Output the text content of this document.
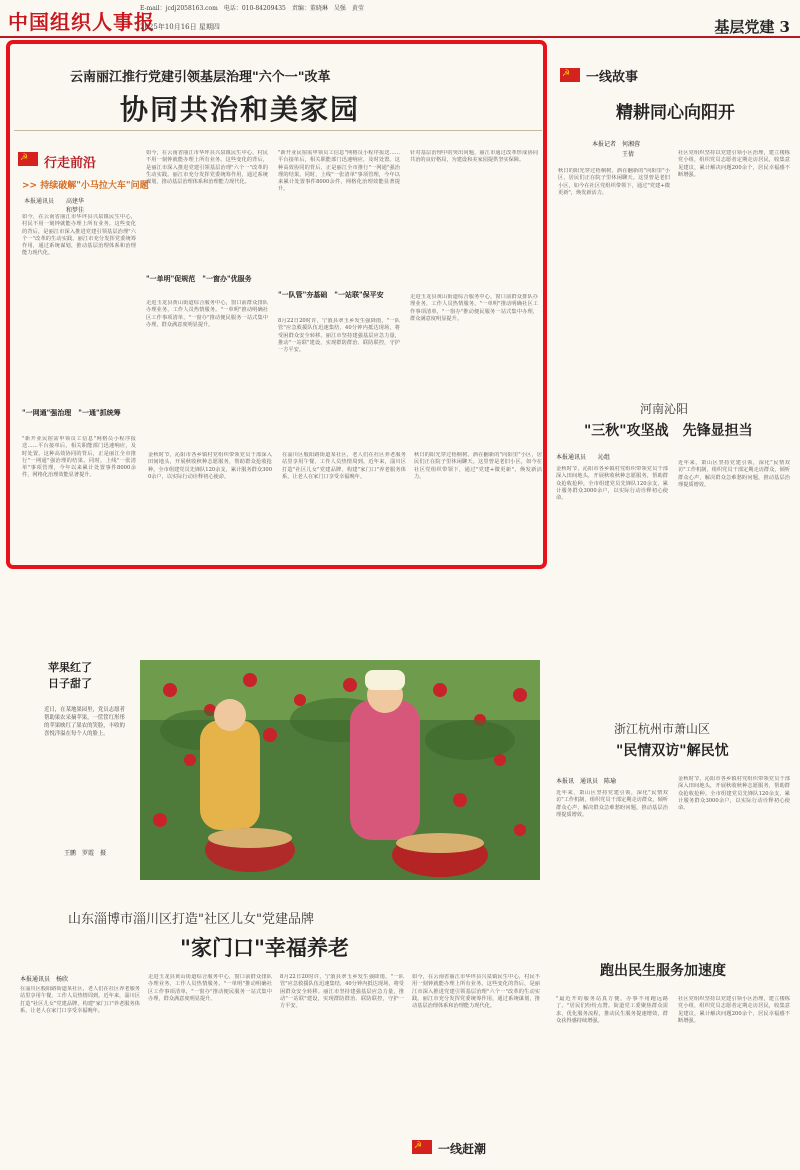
中国组织人事报
E-mail：jcdj2058163.com　电话：010-84209435　责编：董晓琳　吴强　黄莹
2025年10月16日 星期四	基层党建 3
云南丽江推行党建引领基层治理"六个一"改革
协同共治和美家园
☭
行走前沿
>> 持续破解"小马拉大车"问题
本报通讯员　　高建华
　　　　　　　和梦佳
如今，在云南省丽江市华坪县兴泉镇民生中心，村民不用一刻钟就能办理上所有业务。这些变化的背后，是丽江市深入推进党建引领基层治理"六个一"改革的生动实践。丽江市充分发挥党委统筹作用，通过系统谋划，推动基层治理体系和治理能力现代化。
"一网通"强治理　"一通"抓统筹
"新开业民宿需申领员工信息"网格员小程序报送……平台接单后，相关职能部门迅速响应，及时处置。这种高效协同的背后，正是丽江全市推行"一网通"强治理的结果。同时，上线"一张清单"事项管理，今年以来累计处置事件8000余件，网格化治理效能显著提升。
如今，在云南省丽江市华坪县兴泉镇民生中心，村民不用一刻钟就能办理上所有业务。这些变化的背后，是丽江市深入推进党建引领基层治理"六个一"改革的生动实践。丽江市充分发挥党委统筹作用，通过系统谋划，推动基层治理体系和治理能力现代化。
"一单明"促规范　"一窗办"优服务
走进玉龙县黄山街道综合服务中心，窗口前群众排队办理业务，工作人员热情服务。"一单明"推动明确社区工作事项清单，"一窗办"推动便民服务一站式集中办理，群众满意度明显提升。
"新开业民宿需申领员工信息"网格员小程序报送……平台接单后，相关职能部门迅速响应，及时处置。这种高效协同的背后，正是丽江全市推行"一网通"强治理的结果。同时，上线"一张清单"事项管理，今年以来累计处置事件8000余件，网格化治理效能显著提升。
"一队管"夯基础　"一站联"保平安
8月22日20时许，宁蒗县翠玉乡发生强降雨，"一队管"应急救援队伍迅速集结，40分钟内抵达现场，将受困群众安全转移。丽江市坚持建强基层应急力量，推动"一站联"建设，实现群防群治、联防联控，守护一方平安。
针对基层治理中的突出问题，丽江市通过改革形成协同共治的良好格局，为建设和美家园提供坚实保障。
走进玉龙县黄山街道综合服务中心，窗口前群众排队办理业务，工作人员热情服务。"一单明"推动明确社区工作事项清单，"一窗办"推动便民服务一站式集中办理，群众满意度明显提升。
☭
一线故事
精耕同心向阳开
本报记者　何湘蓉
　　　　　王倩
秋日的阳光穿过梧桐树，洒在翻新的"向阳里"小区，居民们正在院子里休闲聊天。这里曾是老旧小区，如今在社区党组织带领下，通过"党建+微更新"，焕发新活力。
社区党组织坚持以党建引领小区治理，建立楼栋党小组，组织党员志愿者定期走访居民，收集意见建议，累计解决问题200余个，居民幸福感不断增强。
金秋时节，沁阳市各乡镇村党组织带领党员干部深入田间地头，开展秋收秋种志愿服务，帮助群众抢收抢种。全市组建党员先锋队120余支，累计服务群众3000余户，以实际行动诠释初心使命。
在淄川区般阳路街道某社区，老人们在社区养老服务站里享用午餐，工作人员热情周到。近年来，淄川区打造"社区儿女"党建品牌，构建"家门口"养老服务体系，让老人在家门口享受幸福晚年。
秋日的阳光穿过梧桐树，洒在翻新的"向阳里"小区，居民们正在院子里休闲聊天。这里曾是老旧小区，如今在社区党组织带领下，通过"党建+微更新"，焕发新活力。
河南沁阳
"三秋"攻坚战　先锋显担当
本报通讯员　　沁组
金秋时节，沁阳市各乡镇村党组织带领党员干部深入田间地头，开展秋收秋种志愿服务，帮助群众抢收抢种。全市组建党员先锋队120余支，累计服务群众3000余户，以实际行动诠释初心使命。
近年来，萧山区坚持党建引领，深化"民情双访"工作机制，组织党员干部定期走访群众，倾听群众心声，解决群众急难愁盼问题，推动基层治理提质增效。
苹果红了
日子甜了
近日，在某地果园里，党员志愿者帮助果农采摘苹果，一筐筐红彤彤的苹果映红了果农的笑脸，丰收的喜悦洋溢在每个人的脸上。
王鹏　罗霞　摄
浙江杭州市萧山区
"民情双访"解民忧
本报讯　通讯员　陈瑜
近年来，萧山区坚持党建引领，深化"民情双访"工作机制，组织党员干部定期走访群众，倾听群众心声，解决群众急难愁盼问题，推动基层治理提质增效。
金秋时节，沁阳市各乡镇村党组织带领党员干部深入田间地头，开展秋收秋种志愿服务，帮助群众抢收抢种。全市组建党员先锋队120余支，累计服务群众3000余户，以实际行动诠释初心使命。
山东淄博市淄川区打造"社区儿女"党建品牌
"家门口"幸福养老
本报通讯员　杨欣
在淄川区般阳路街道某社区，老人们在社区养老服务站里享用午餐，工作人员热情周到。近年来，淄川区打造"社区儿女"党建品牌，构建"家门口"养老服务体系，让老人在家门口享受幸福晚年。
走进玉龙县黄山街道综合服务中心，窗口前群众排队办理业务，工作人员热情服务。"一单明"推动明确社区工作事项清单，"一窗办"推动便民服务一站式集中办理，群众满意度明显提升。
8月22日20时许，宁蒗县翠玉乡发生强降雨，"一队管"应急救援队伍迅速集结，40分钟内抵达现场，将受困群众安全转移。丽江市坚持建强基层应急力量，推动"一站联"建设，实现群防群治、联防联控，守护一方平安。
如今，在云南省丽江市华坪县兴泉镇民生中心，村民不用一刻钟就能办理上所有业务。这些变化的背后，是丽江市深入推进党建引领基层治理"六个一"改革的生动实践。丽江市充分发挥党委统筹作用，通过系统谋划，推动基层治理体系和治理能力现代化。
☭
一线赶潮
跑出民生服务加速度
"最近开的服务站真方便，办事不用跑远路了。"居民们纷纷点赞。街道党工委聚焦群众需求，优化服务流程，推动民生服务提速增效，群众获得感持续增强。
社区党组织坚持以党建引领小区治理，建立楼栋党小组，组织党员志愿者定期走访居民，收集意见建议，累计解决问题200余个，居民幸福感不断增强。
